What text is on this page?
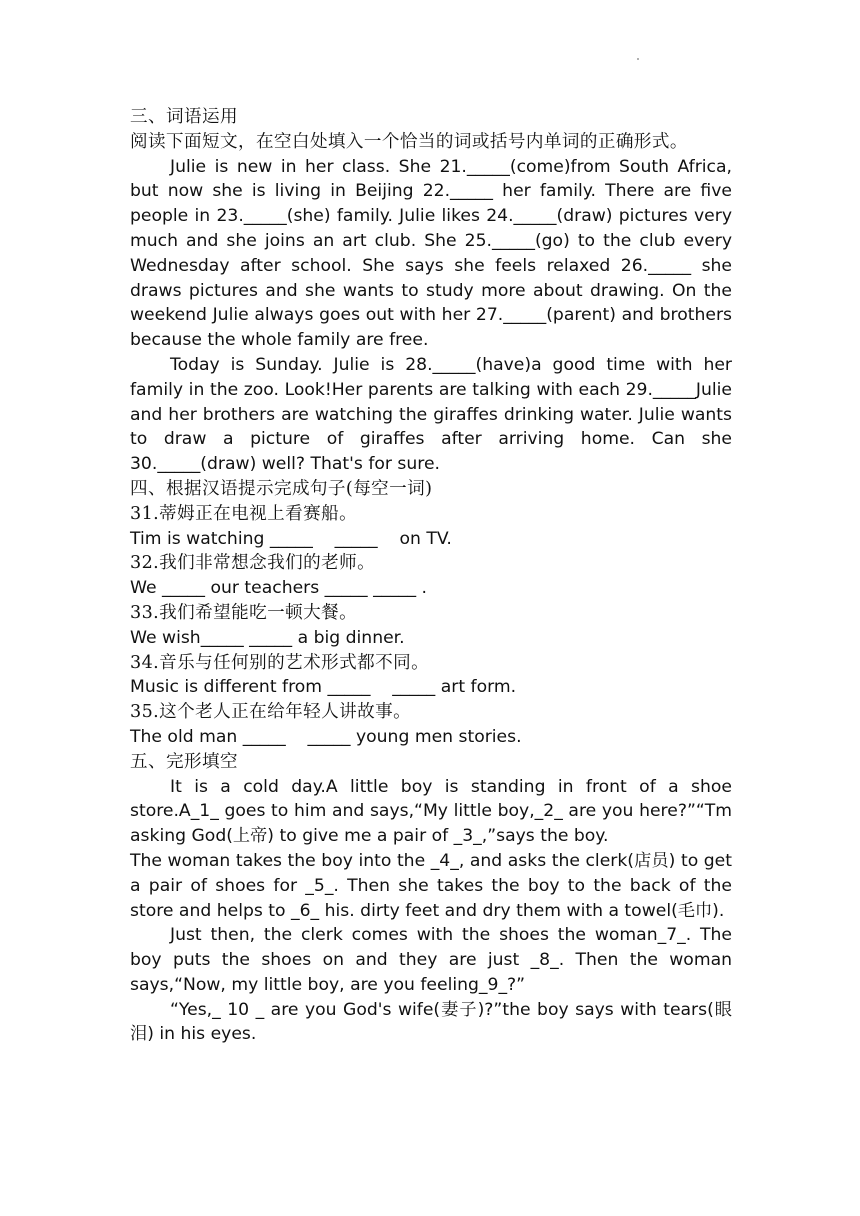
三、词语运用

阅读下面短文，在空白处填入一个恰当的词或括号内单词的正确形式。

Julie is new in her class. She 21._____(come)from South Africa, but now she is living in Beijing 22._____ her family. There are five people in 23._____(she) family. Julie likes 24._____(draw) pictures very much and she joins an art club. She 25._____(go) to the club every Wednesday after school. She says she feels relaxed 26._____ she draws pictures and she wants to study more about drawing. On the weekend Julie always goes out with her 27._____(parent) and brothers because the whole family are free.

Today is Sunday. Julie is 28._____(have)a good time with her family in the zoo. Look!Her parents are talking with each 29._____Julie and her brothers are watching the giraffes drinking water. Julie wants to draw a picture of giraffes after arriving home. Can she 30._____(draw) well? That's for sure.

四、根据汉语提示完成句子(每空一词)

31.蒂姆正在电视上看赛船。

Tim is watching _____    _____    on TV.

32.我们非常想念我们的老师。

We _____ our teachers _____ _____ .

33.我们希望能吃一顿大餐。

We wish_____ _____ a big dinner.

34.音乐与任何别的艺术形式都不同。

Music is different from _____    _____ art form.

35.这个老人正在给年轻人讲故事。

The old man _____    _____ young men stories.

五、完形填空

It is a cold day.A little boy is standing in front of a shoe store.A_1_ goes to him and says,“My little boy,_2_ are you here?”“Tm asking God(上帝) to give me a pair of _3_,”says the boy.

The woman takes the boy into the _4_, and asks the clerk(店员) to get a pair of shoes for _5_. Then she takes the boy to the back of the store and helps to _6_ his. dirty feet and dry them with a towel(毛巾).

Just then, the clerk comes with the shoes the woman_7_. The boy puts the shoes on and they are just _8_. Then the woman says,“Now, my little boy, are you feeling_9_?”

“Yes,_ 10 _ are you God's wife(妻子)?”the boy says with tears(眼泪) in his eyes.
